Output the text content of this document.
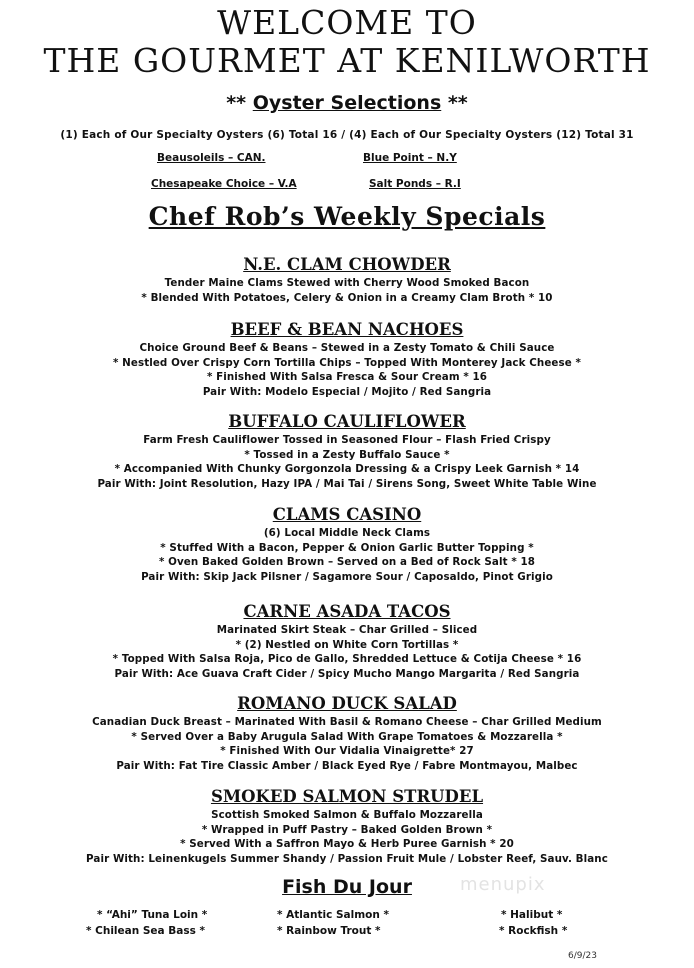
WELCOME TO
THE GOURMET AT KENILWORTH
** Oyster Selections **
(1) Each of Our Specialty Oysters (6) Total 16 / (4) Each of Our Specialty Oysters (12) Total 31
Beausoleils – CAN.	Blue Point – N.Y
Chesapeake Choice – V.A	Salt Ponds – R.I
Chef Rob’s Weekly Specials
N.E. CLAM CHOWDER
Tender Maine Clams Stewed with Cherry Wood Smoked Bacon
* Blended With Potatoes, Celery & Onion in a Creamy Clam Broth * 10
BEEF & BEAN NACHOES
Choice Ground Beef & Beans – Stewed in a Zesty Tomato & Chili Sauce
* Nestled Over Crispy Corn Tortilla Chips – Topped With Monterey Jack Cheese *
* Finished With Salsa Fresca & Sour Cream * 16
Pair With: Modelo Especial / Mojito / Red Sangria
BUFFALO CAULIFLOWER
Farm Fresh Cauliflower Tossed in Seasoned Flour – Flash Fried Crispy
* Tossed in a Zesty Buffalo Sauce *
* Accompanied With Chunky Gorgonzola Dressing & a Crispy Leek Garnish * 14
Pair With: Joint Resolution, Hazy IPA / Mai Tai / Sirens Song, Sweet White Table Wine
CLAMS CASINO
(6) Local Middle Neck Clams
* Stuffed With a Bacon, Pepper & Onion Garlic Butter Topping *
* Oven Baked Golden Brown – Served on a Bed of Rock Salt * 18
Pair With: Skip Jack Pilsner / Sagamore Sour / Caposaldo, Pinot Grigio
CARNE ASADA TACOS
Marinated Skirt Steak – Char Grilled – Sliced
* (2) Nestled on White Corn Tortillas *
* Topped With Salsa Roja, Pico de Gallo, Shredded Lettuce & Cotija Cheese * 16
Pair With: Ace Guava Craft Cider / Spicy Mucho Mango Margarita / Red Sangria
ROMANO DUCK SALAD
Canadian Duck Breast – Marinated With Basil & Romano Cheese – Char Grilled Medium
* Served Over a Baby Arugula Salad With Grape Tomatoes & Mozzarella *
* Finished With Our Vidalia Vinaigrette* 27
Pair With: Fat Tire Classic Amber / Black Eyed Rye / Fabre Montmayou, Malbec
SMOKED SALMON STRUDEL
Scottish Smoked Salmon & Buffalo Mozzarella
* Wrapped in Puff Pastry – Baked Golden Brown *
* Served With a Saffron Mayo & Herb Puree Garnish * 20
Pair With: Leinenkugels Summer Shandy / Passion Fruit Mule / Lobster Reef, Sauv. Blanc
menupix
Fish Du Jour
* “Ahi” Tuna Loin *	* Atlantic Salmon *	* Halibut *
* Chilean Sea Bass *	* Rainbow Trout *	* Rockfish *
6/9/23
